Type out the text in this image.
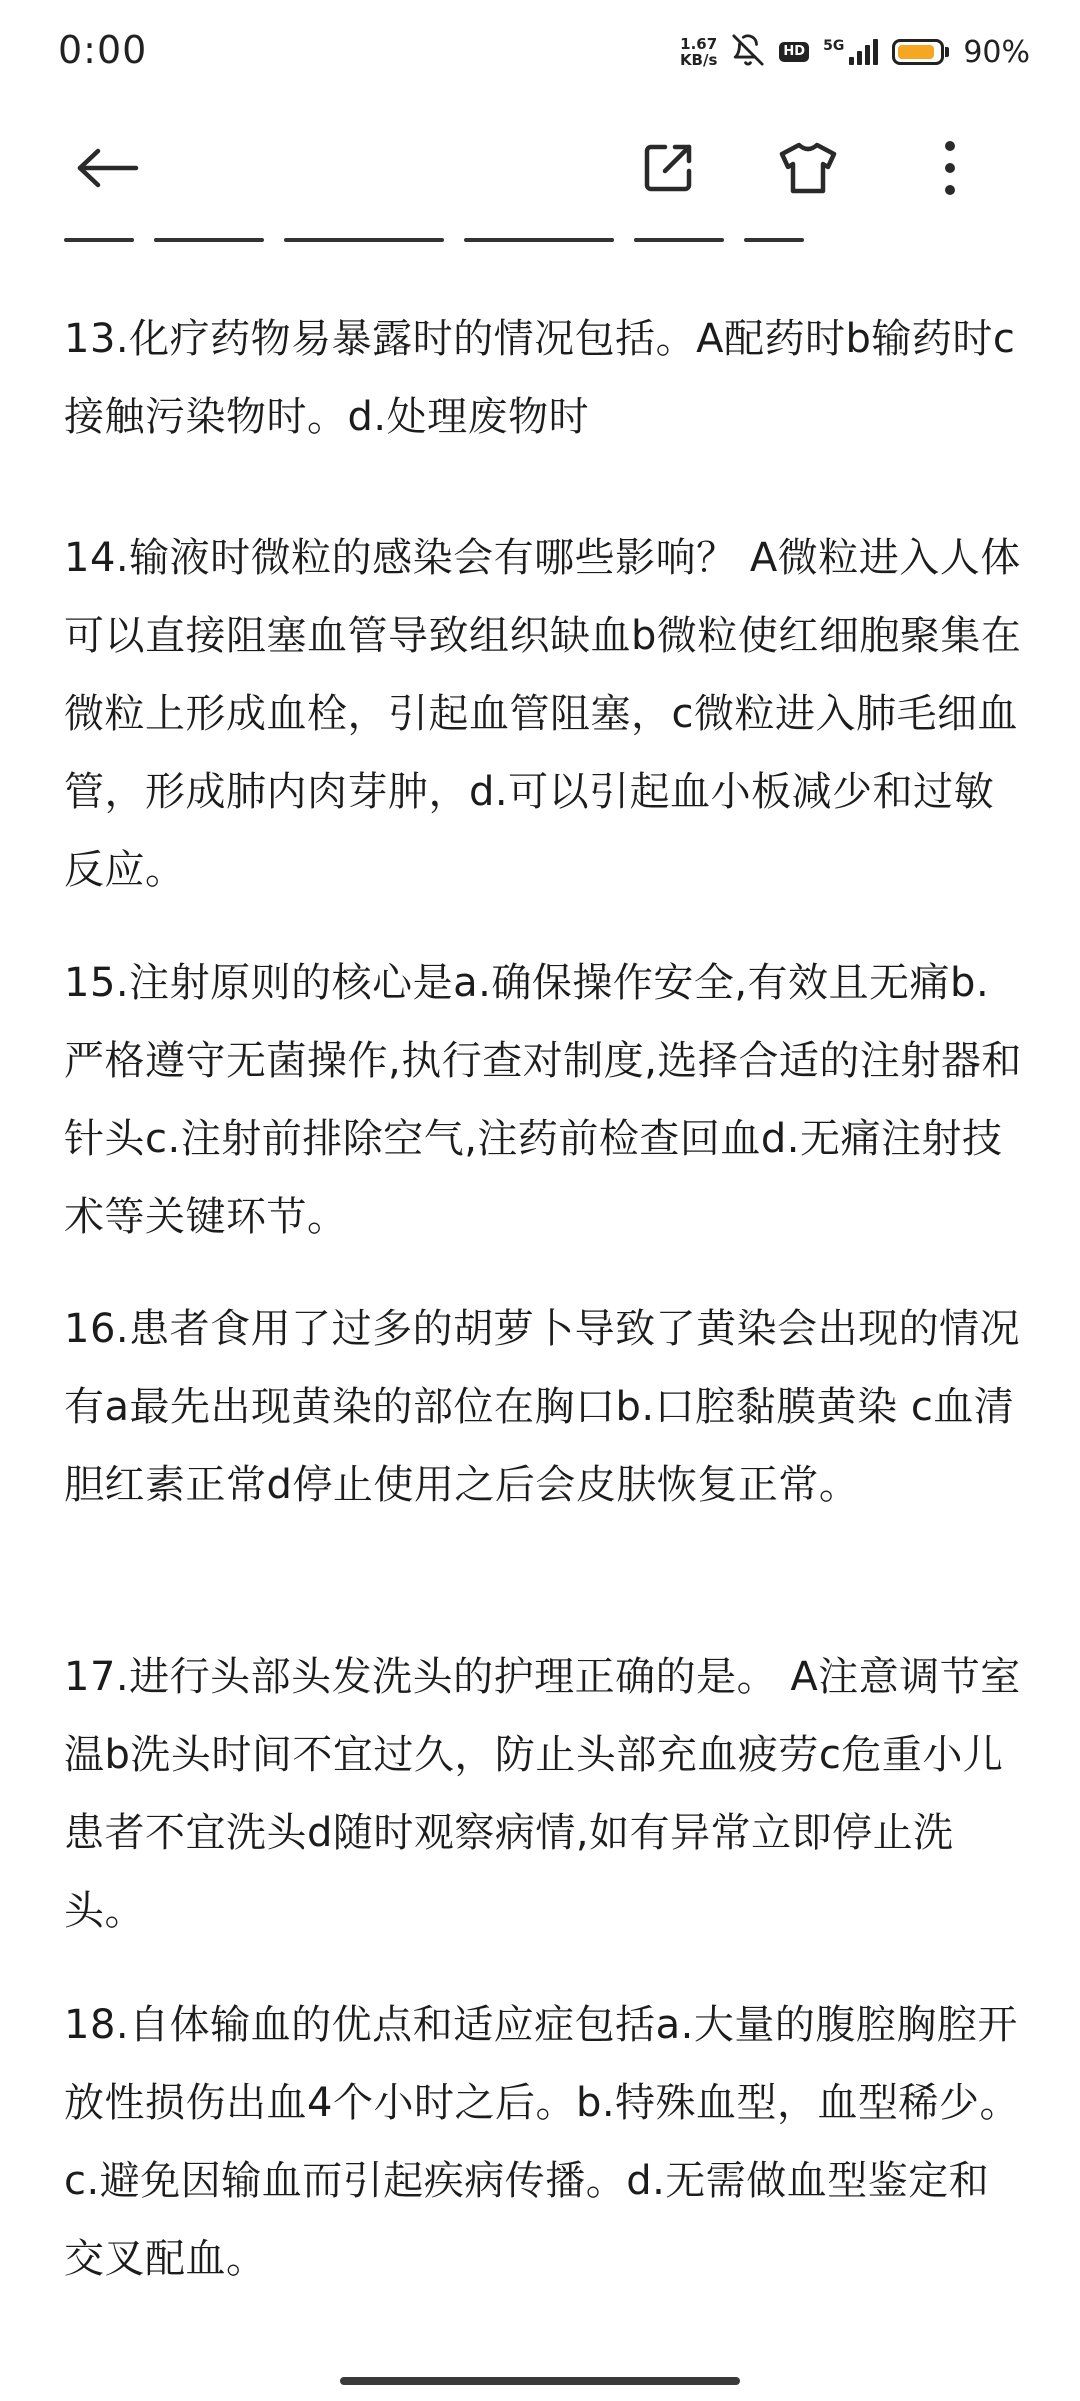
0:00	1.67
KB/s	HD 5G	90%

13.化疗药物易暴露时的情况包括。A配药时b输药时c接触污染物时。d.处理废物时

14.输液时微粒的感染会有哪些影响？ A微粒进入人体可以直接阻塞血管导致组织缺血b微粒使红细胞聚集在微粒上形成血栓，引起血管阻塞，c微粒进入肺毛细血管，形成肺内肉芽肿，d.可以引起血小板减少和过敏反应。

15.注射原则的核心是a.确保操作安全,有效且无痛b.严格遵守无菌操作,执行查对制度,选择合适的注射器和针头c.注射前排除空气,注药前检查回血d.无痛注射技术等关键环节。

16.患者食用了过多的胡萝卜导致了黄染会出现的情况有a最先出现黄染的部位在胸口b.口腔黏膜黄染 c血清胆红素正常d停止使用之后会皮肤恢复正常。

17.进行头部头发洗头的护理正确的是。 A注意调节室温b洗头时间不宜过久，防止头部充血疲劳c危重小儿患者不宜洗头d随时观察病情,如有异常立即停止洗头。

18.自体输血的优点和适应症包括a.大量的腹腔胸腔开放性损伤出血4个小时之后。b.特殊血型，血型稀少。c.避免因输血而引起疾病传播。d.无需做血型鉴定和交叉配血。
